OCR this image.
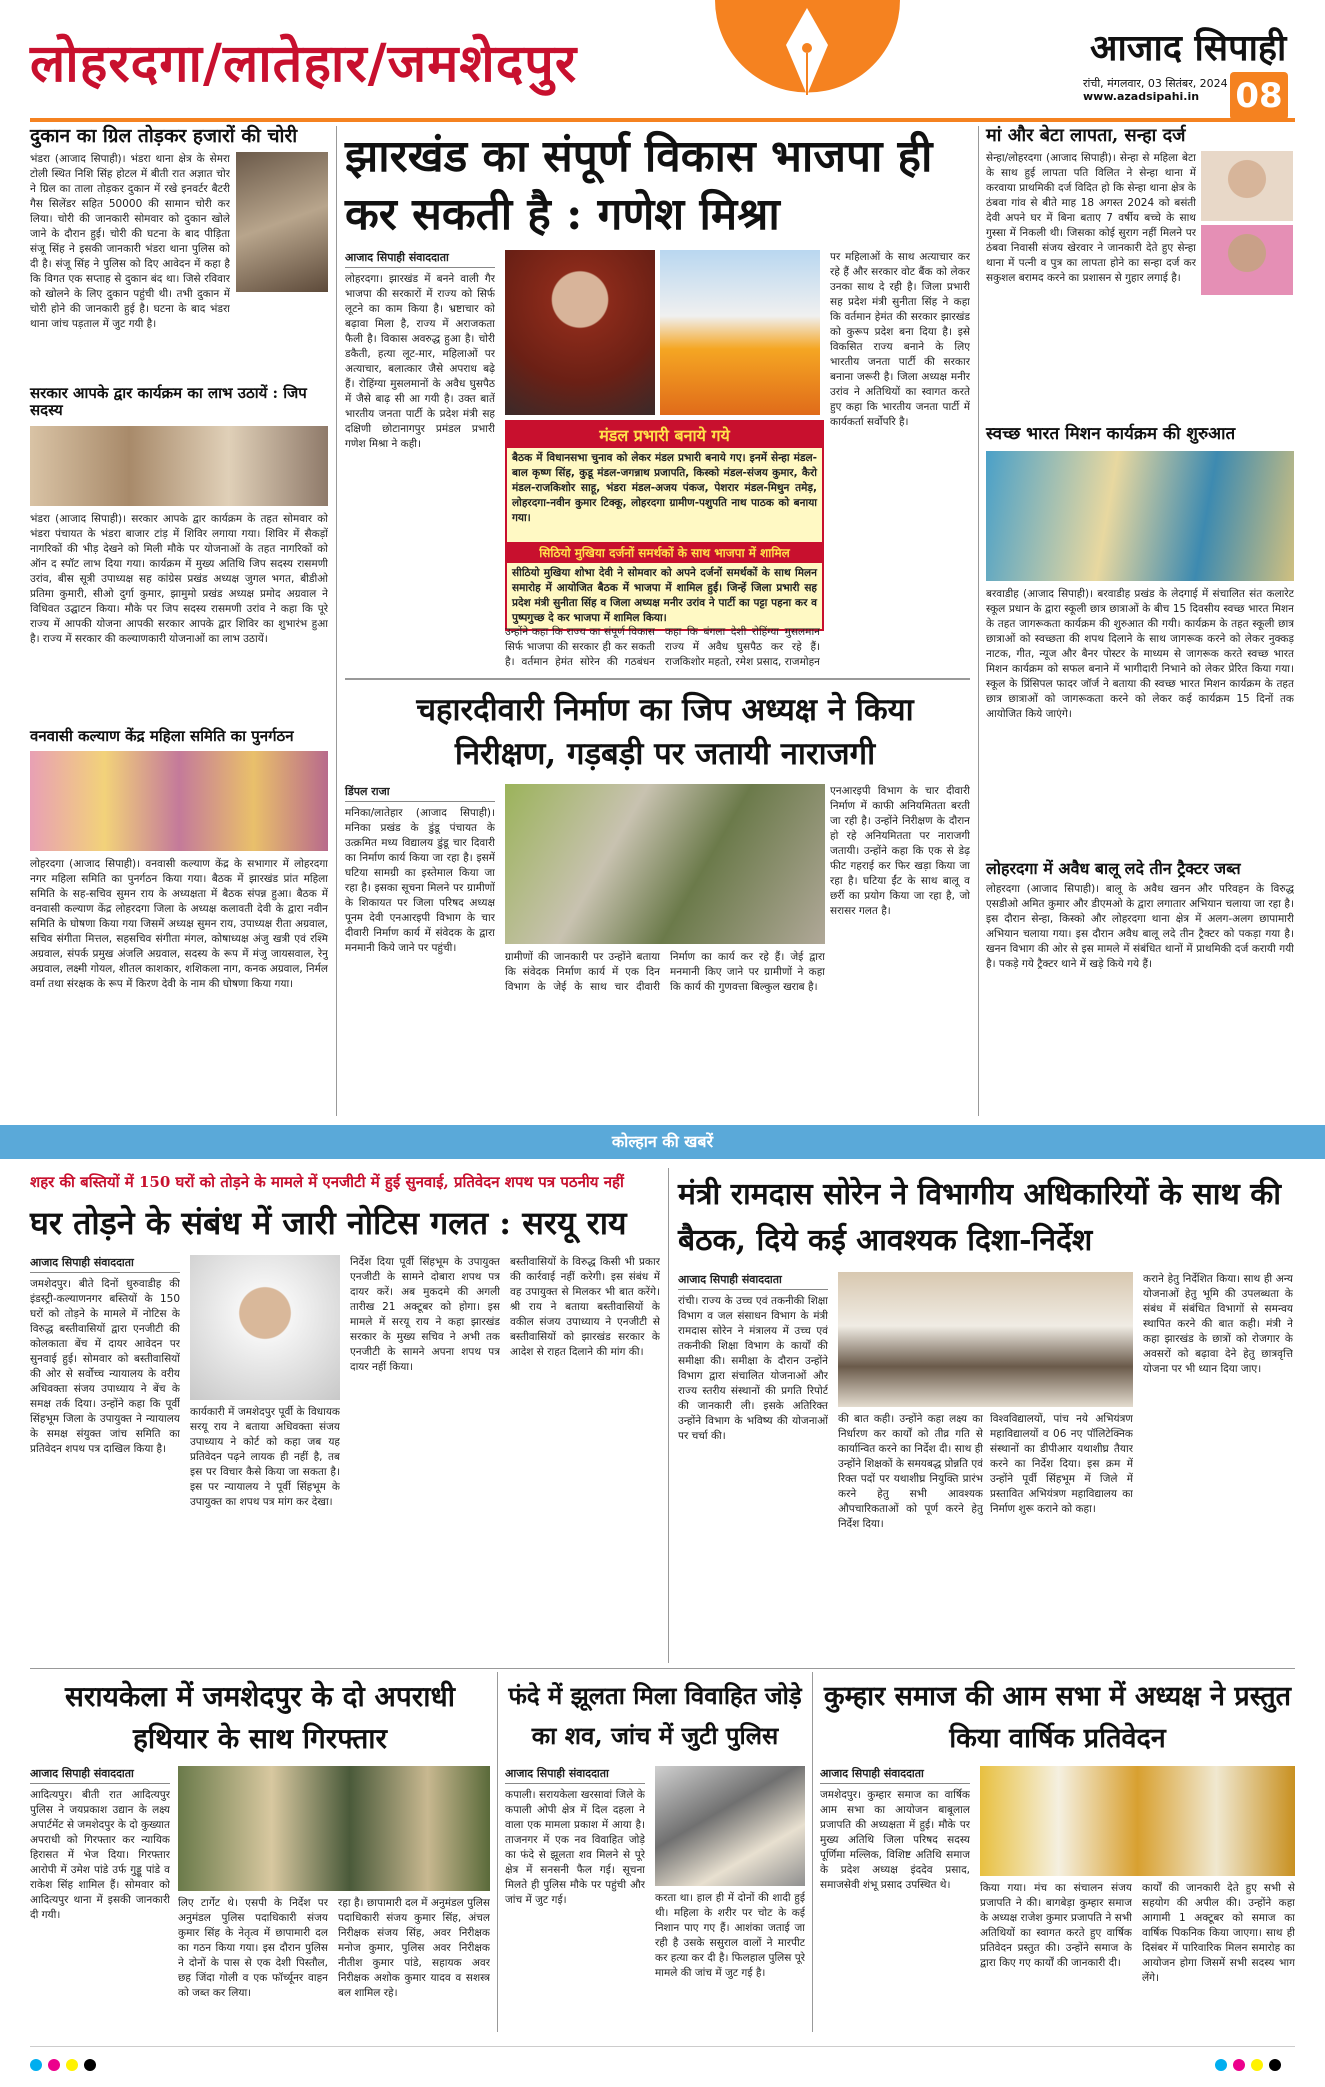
लोहरदगा/लातेहार/जमशेदपुर	आजाद सिपाही
रांची, मंगलवार, 03 सितंबर, 2024
www.azadsipahi.in 08
दुकान का ग्रिल तोड़कर हजारों की चोरी
भंडरा (आजाद सिपाही)। भंडरा थाना क्षेत्र के सेमरा टोली स्थित निशि सिंह होटल में बीती रात अज्ञात चोर ने ग्रिल का ताला तोड़कर दुकान में रखे इनवर्टर बैटरी गैस सिलेंडर सहित 50000 की सामान चोरी कर लिया। चोरी की जानकारी सोमवार को दुकान खोले जाने के दौरान हुई। चोरी की घटना के बाद पीड़िता संजू सिंह ने इसकी जानकारी भंडरा थाना पुलिस को दी है। संजू सिंह ने पुलिस को दिए आवेदन में कहा है कि विगत एक सप्ताह से दुकान बंद था। जिसे रविवार को खोलने के लिए दुकान पहुंची थी। तभी दुकान में चोरी होने की जानकारी हुई है। घटना के बाद भंडरा थाना जांच पड़ताल में जुट गयी है।
सरकार आपके द्वार कार्यक्रम का लाभ उठायें : जिप सदस्य
भंडरा (आजाद सिपाही)। सरकार आपके द्वार कार्यक्रम के तहत सोमवार को भंडरा पंचायत के भंडरा बाजार टांड़ में शिविर लगाया गया। शिविर में सैकड़ों नागरिकों की भीड़ देखने को मिली मौके पर योजनाओं के तहत नागरिकों को ऑन द स्पॉट लाभ दिया गया। कार्यक्रम में मुख्य अतिथि जिप सदस्य रासमणी उरांव, बीस सूत्री उपाध्यक्ष सह कांग्रेस प्रखंड अध्यक्ष जुगल भगत, बीडीओ प्रतिमा कुमारी, सीओ दुर्गा कुमार, झामुमो प्रखंड अध्यक्ष प्रमोद अग्रवाल ने विधिवत उद्घाटन किया। मौके पर जिप सदस्य रासमणी उरांव ने कहा कि पूरे राज्य में आपकी योजना आपकी सरकार आपके द्वार शिविर का शुभारंभ हुआ है। राज्य में सरकार की कल्याणकारी योजनाओं का लाभ उठायें।
वनवासी कल्याण केंद्र महिला समिति का पुनर्गठन
लोहरदगा (आजाद सिपाही)। वनवासी कल्याण केंद्र के सभागार में लोहरदगा नगर महिला समिति का पुनर्गठन किया गया। बैठक में झारखंड प्रांत महिला समिति के सह-सचिव सुमन राय के अध्यक्षता में बैठक संपन्न हुआ। बैठक में वनवासी कल्याण केंद्र लोहरदगा जिला के अध्यक्ष कलावती देवी के द्वारा नवीन समिति के घोषणा किया गया जिसमें अध्यक्ष सुमन राय, उपाध्यक्ष रीता अग्रवाल, सचिव संगीता मित्तल, सहसचिव संगीता मंगल, कोषाध्यक्ष अंजु खत्री एवं रश्मि अग्रवाल, संपर्क प्रमुख अंजलि अग्रवाल, सदस्य के रूप में मंजु जायसवाल, रेनु अग्रवाल, लक्ष्मी गोयल, शीतल काशकार, शशिकला नाग, कनक अग्रवाल, निर्मल वर्मा तथा संरक्षक के रूप में किरण देवी के नाम की घोषणा किया गया।
झारखंड का संपूर्ण विकास भाजपा ही कर सकती है : गणेश मिश्रा
आजाद सिपाही संवाददाता
लोहरदगा। झारखंड में बनने वाली गैर भाजपा की सरकारों में राज्य को सिर्फ लूटने का काम किया है। भ्रष्टाचार को बढ़ावा मिला है, राज्य में अराजकता फैली है। विकास अवरुद्ध हुआ है। चोरी डकैती, हत्या लूट-मार, महिलाओं पर अत्याचार, बलात्कार जैसे अपराध बढ़े हैं। रोहिंग्या मुसलमानों के अवैध घुसपैठ में जैसे बाढ़ सी आ गयी है। उक्त बातें भारतीय जनता पार्टी के प्रदेश मंत्री सह दक्षिणी छोटानागपुर प्रमंडल प्रभारी गणेश मिश्रा ने कही।	मंडल प्रभारी बनाये गये
बैठक में विधानसभा चुनाव को लेकर मंडल प्रभारी बनाये गए। इनमें सेन्हा मंडल-बाल कृष्ण सिंह, कुडू मंडल-जगन्नाथ प्रजापति, किस्को मंडल-संजय कुमार, कैरो मंडल-राजकिशोर साहू, भंडरा मंडल-अजय पंकज, पेशरार मंडल-मिथुन तमेड़, लोहरदगा-नवीन कुमार टिक्कू, लोहरदगा ग्रामीण-पशुपति नाथ पाठक को बनाया गया।
सिठियो मुखिया दर्जनों समर्थकों के साथ भाजपा में शामिल
सीठियो मुखिया शोभा देवी ने सोमवार को अपने दर्जनों समर्थकों के साथ मिलन समारोह में आयोजित बैठक में भाजपा में शामिल हुईं। जिन्हें जिला प्रभारी सह प्रदेश मंत्री सुनीता सिंह व जिला अध्यक्ष मनीर उरांव ने पार्टी का पट्टा पहना कर व पुष्पगुच्छ दे कर भाजपा में शामिल किया।
उन्होंने कहा कि राज्य का संपूर्ण विकास सिर्फ भाजपा की सरकार ही कर सकती है। वर्तमान हेमंत सोरेन की गठबंधन
कहा कि बंगला देशी रोहिंग्या मुसलमान राज्य में अवैध घुसपैठ कर रहे हैं। राजकिशोर महतो, रमेश प्रसाद, राजमोहन
पर महिलाओं के साथ अत्याचार कर रहे हैं और सरकार वोट बैंक को लेकर उनका साथ दे रही है। जिला प्रभारी सह प्रदेश मंत्री सुनीता सिंह ने कहा कि वर्तमान हेमंत की सरकार झारखंड को कुरूप प्रदेश बना दिया है। इसे विकसित राज्य बनाने के लिए भारतीय जनता पार्टी की सरकार बनाना जरूरी है। जिला अध्यक्ष मनीर उरांव ने अतिथियों का स्वागत करते हुए कहा कि भारतीय जनता पार्टी में कार्यकर्ता सर्वोपरि है।
चहारदीवारी निर्माण का जिप अध्यक्ष ने किया निरीक्षण, गड़बड़ी पर जतायी नाराजगी
डिंपल राजा
मनिका/लातेहार (आजाद सिपाही)। मनिका प्रखंड के डुंडू पंचायत के उत्क्रमित मध्य विद्यालय डुंडू चार दिवारी का निर्माण कार्य किया जा रहा है। इसमें घटिया सामग्री का इस्तेमाल किया जा रहा है। इसका सूचना मिलने पर ग्रामीणों के शिकायत पर जिला परिषद अध्यक्ष पूनम देवी एनआरइपी विभाग के चार दीवारी निर्माण कार्य में संवेदक के द्वारा मनमानी किये जाने पर पहुंची।
ग्रामीणों की जानकारी पर उन्होंने बताया कि संवेदक निर्माण कार्य में एक दिन विभाग के जेई के साथ चार दीवारी निर्माण का कार्य कर रहे हैं। जेई द्वारा मनमानी किए जाने पर ग्रामीणों ने कहा कि कार्य की गुणवत्ता बिल्कुल खराब है।
एनआरइपी विभाग के चार दीवारी निर्माण में काफी अनियमितता बरती जा रही है। उन्होंने निरीक्षण के दौरान हो रहे अनियमितता पर नाराजगी जतायी। उन्होंने कहा कि एक से डेढ़ फीट गहराई कर फिर खड़ा किया जा रहा है। घटिया ईंट के साथ बालू व छर्री का प्रयोग किया जा रहा है, जो सरासर गलत है।
मां और बेटा लापता, सन्हा दर्ज
सेन्हा/लोहरदगा (आजाद सिपाही)। सेन्हा से महिला बेटा के साथ हुई लापता पति विलित ने सेन्हा थाना में करवाया प्राथमिकी दर्ज विदित हो कि सेन्हा थाना क्षेत्र के ठंबवा गांव से बीते माह 18 अगस्त 2024 को बसंती देवी अपने घर में बिना बताए 7 वर्षीय बच्चे के साथ गुस्सा में निकली थी। जिसका कोई सुराग नहीं मिलने पर ठंबवा निवासी संजय खेरवार ने जानकारी देते हुए सेन्हा थाना में पत्नी व पुत्र का लापता होने का सन्हा दर्ज कर सकुशल बरामद करने का प्रशासन से गुहार लगाई है।
स्वच्छ भारत मिशन कार्यक्रम की शुरुआत
बरवाडीह (आजाद सिपाही)। बरवाडीह प्रखंड के लेदगाई में संचालित संत कलारेट स्कूल प्रधान के द्वारा स्कूली छात्र छात्राओं के बीच 15 दिवसीय स्वच्छ भारत मिशन के तहत जागरूकता कार्यक्रम की शुरुआत की गयी। कार्यक्रम के तहत स्कूली छात्र छात्राओं को स्वच्छता की शपथ दिलाने के साथ जागरूक करने को लेकर नुक्कड़ नाटक, गीत, न्यूज और बैनर पोस्टर के माध्यम से जागरूक करते स्वच्छ भारत मिशन कार्यक्रम को सफल बनाने में भागीदारी निभाने को लेकर प्रेरित किया गया। स्कूल के प्रिंसिपल फादर जॉर्ज ने बताया की स्वच्छ भारत मिशन कार्यक्रम के तहत छात्र छात्राओं को जागरूकता करने को लेकर कई कार्यक्रम 15 दिनों तक आयोजित किये जाएंगे।
लोहरदगा में अवैध बालू लदे तीन ट्रैक्टर जब्त
लोहरदगा (आजाद सिपाही)। बालू के अवैध खनन और परिवहन के विरुद्ध एसडीओ अमित कुमार और डीएमओ के द्वारा लगातार अभियान चलाया जा रहा है। इस दौरान सेन्हा, किस्को और लोहरदगा थाना क्षेत्र में अलग-अलग छापामारी अभियान चलाया गया। इस दौरान अवैध बालू लदे तीन ट्रैक्टर को पकड़ा गया है। खनन विभाग की ओर से इस मामले में संबंधित थानों में प्राथमिकी दर्ज करायी गयी है। पकड़े गये ट्रैक्टर थाने में खड़े किये गये हैं।
कोल्हान की खबरें
शहर की बस्तियों में 150 घरों को तोड़ने के मामले में एनजीटी में हुई सुनवाई, प्रतिवेदन शपथ पत्र पठनीय नहीं
घर तोड़ने के संबंध में जारी नोटिस गलत : सरयू राय
आजाद सिपाही संवाददाता
जमशेदपुर। बीते दिनों धुरुवाडीह की इंडस्ट्री-कल्याणनगर बस्तियों के 150 घरों को तोड़ने के मामले में नोटिस के विरुद्ध बस्तीवासियों द्वारा एनजीटी की कोलकाता बेंच में दायर आवेदन पर सुनवाई हुई। सोमवार को बस्तीवासियों की ओर से सर्वोच्च न्यायालय के वरीय अधिवक्ता संजय उपाध्याय ने बेंच के समक्ष तर्क दिया। उन्होंने कहा कि पूर्वी सिंहभूम जिला के उपायुक्त ने न्यायालय के समक्ष संयुक्त जांच समिति का प्रतिवेदन शपथ पत्र दाखिल किया है।
कार्यकारी में जमशेदपुर पूर्वी के विधायक सरयू राय ने बताया अधिवक्ता संजय उपाध्याय ने कोर्ट को कहा जब यह प्रतिवेदन पढ़ने लायक ही नहीं है, तब इस पर विचार कैसे किया जा सकता है। इस पर न्यायालय ने पूर्वी सिंहभूम के उपायुक्त का शपथ पत्र मांग कर देखा।
निर्देश दिया पूर्वी सिंहभूम के उपायुक्त एनजीटी के सामने दोबारा शपथ पत्र दायर करें। अब मुकदमे की अगली तारीख 21 अक्टूबर को होगा। इस मामले में सरयू राय ने कहा झारखंड सरकार के मुख्य सचिव ने अभी तक एनजीटी के सामने अपना शपथ पत्र दायर नहीं किया।
बस्तीवासियों के विरुद्ध किसी भी प्रकार की कार्रवाई नहीं करेगी। इस संबंध में वह उपायुक्त से मिलकर भी बात करेंगे। श्री राय ने बताया बस्तीवासियों के वकील संजय उपाध्याय ने एनजीटी से बस्तीवासियों को झारखंड सरकार के आदेश से राहत दिलाने की मांग की।
मंत्री रामदास सोरेन ने विभागीय अधिकारियों के साथ की बैठक, दिये कई आवश्यक दिशा-निर्देश
आजाद सिपाही संवाददाता
रांची। राज्य के उच्च एवं तकनीकी शिक्षा विभाग व जल संसाधन विभाग के मंत्री रामदास सोरेन ने मंत्रालय में उच्च एवं तकनीकी शिक्षा विभाग के कार्यों की समीक्षा की। समीक्षा के दौरान उन्होंने विभाग द्वारा संचालित योजनाओं और राज्य स्तरीय संस्थानों की प्रगति रिपोर्ट की जानकारी ली। इसके अतिरिक्त उन्होंने विभाग के भविष्य की योजनाओं पर चर्चा की।
की बात कही। उन्होंने कहा लक्ष्य का निर्धारण कर कार्यों को तीव्र गति से कार्यान्वित करने का निर्देश दी। साथ ही उन्होंने शिक्षकों के समयबद्ध प्रोन्नति एवं रिक्त पदों पर यथाशीघ्र नियुक्ति प्रारंभ करने हेतु सभी आवश्यक औपचारिकताओं को पूर्ण करने हेतु निर्देश दिया।
विश्वविद्यालयों, पांच नये अभियंत्रण महाविद्यालयों व 06 नए पॉलिटेक्निक संस्थानों का डीपीआर यथाशीघ्र तैयार करने का निर्देश दिया। इस क्रम में उन्होंने पूर्वी सिंहभूम में जिले में प्रस्तावित अभियंत्रण महाविद्यालय का निर्माण शुरू कराने को कहा।
कराने हेतु निर्देशित किया। साथ ही अन्य योजनाओं हेतु भूमि की उपलब्धता के संबंध में संबंधित विभागों से समन्वय स्थापित करने की बात कही। मंत्री ने कहा झारखंड के छात्रों को रोजगार के अवसरों को बढ़ावा देने हेतु छात्रवृत्ति योजना पर भी ध्यान दिया जाए।
सरायकेला में जमशेदपुर के दो अपराधी हथियार के साथ गिरफ्तार
आजाद सिपाही संवाददाता
आदित्यपुर। बीती रात आदित्यपुर पुलिस ने जयप्रकाश उद्यान के लक्ष्य अपार्टमेंट से जमशेदपुर के दो कुख्यात अपराधी को गिरफ्तार कर न्यायिक हिरासत में भेज दिया। गिरफ्तार आरोपी में उमेश पांडे उर्फ गुड्डू पांडे व राकेश सिंह शामिल हैं। सोमवार को आदित्यपुर थाना में इसकी जानकारी दी गयी।
लिए टार्गेट थे। एसपी के निर्देश पर अनुमंडल पुलिस पदाधिकारी संजय कुमार सिंह के नेतृत्व में छापामारी दल का गठन किया गया। इस दौरान पुलिस ने दोनों के पास से एक देशी पिस्तौल, छह जिंदा गोली व एक फॉर्च्यूनर वाहन को जब्त कर लिया।
रहा है। छापामारी दल में अनुमंडल पुलिस पदाधिकारी संजय कुमार सिंह, अंचल निरीक्षक संजय सिंह, अवर निरीक्षक मनोज कुमार, पुलिस अवर निरीक्षक नीतीश कुमार पांडे, सहायक अवर निरीक्षक अशोक कुमार यादव व सशस्त्र बल शामिल रहे।
फंदे में झूलता मिला विवाहित जोड़े का शव, जांच में जुटी पुलिस
आजाद सिपाही संवाददाता
कपाली। सरायकेला खरसावां जिले के कपाली ओपी क्षेत्र में दिल दहला ने वाला एक मामला प्रकाश में आया है। ताजनगर में एक नव विवाहित जोड़े का फंदे से झूलता शव मिलने से पूरे क्षेत्र में सनसनी फैल गई। सूचना मिलते ही पुलिस मौके पर पहुंची और जांच में जुट गई।	करता था। हाल ही में दोनों की शादी हुई थी। महिला के शरीर पर चोट के कई निशान पाए गए हैं। आशंका जताई जा रही है उसके ससुराल वालों ने मारपीट कर हत्या कर दी है। फिलहाल पुलिस पूरे मामले की जांच में जुट गई है।
कुम्हार समाज की आम सभा में अध्यक्ष ने प्रस्तुत किया वार्षिक प्रतिवेदन
आजाद सिपाही संवाददाता
जमशेदपुर। कुम्हार समाज का वार्षिक आम सभा का आयोजन बाबूलाल प्रजापति की अध्यक्षता में हुई। मौके पर मुख्य अतिथि जिला परिषद सदस्य पूर्णिमा मल्लिक, विशिष्ट अतिथि समाज के प्रदेश अध्यक्ष इंददेव प्रसाद, समाजसेवी शंभू प्रसाद उपस्थित थे।	किया गया। मंच का संचालन संजय प्रजापति ने की। बागबेड़ा कुम्हार समाज के अध्यक्ष राजेश कुमार प्रजापति ने सभी अतिथियों का स्वागत करते हुए वार्षिक प्रतिवेदन प्रस्तुत की। उन्होंने समाज के द्वारा किए गए कार्यों की जानकारी दी।
कार्यों की जानकारी देते हुए सभी से सहयोग की अपील की। उन्होंने कहा आगामी 1 अक्टूबर को समाज का वार्षिक पिकनिक किया जाएगा। साथ ही दिसंबर में पारिवारिक मिलन समारोह का आयोजन होगा जिसमें सभी सदस्य भाग लेंगे।
